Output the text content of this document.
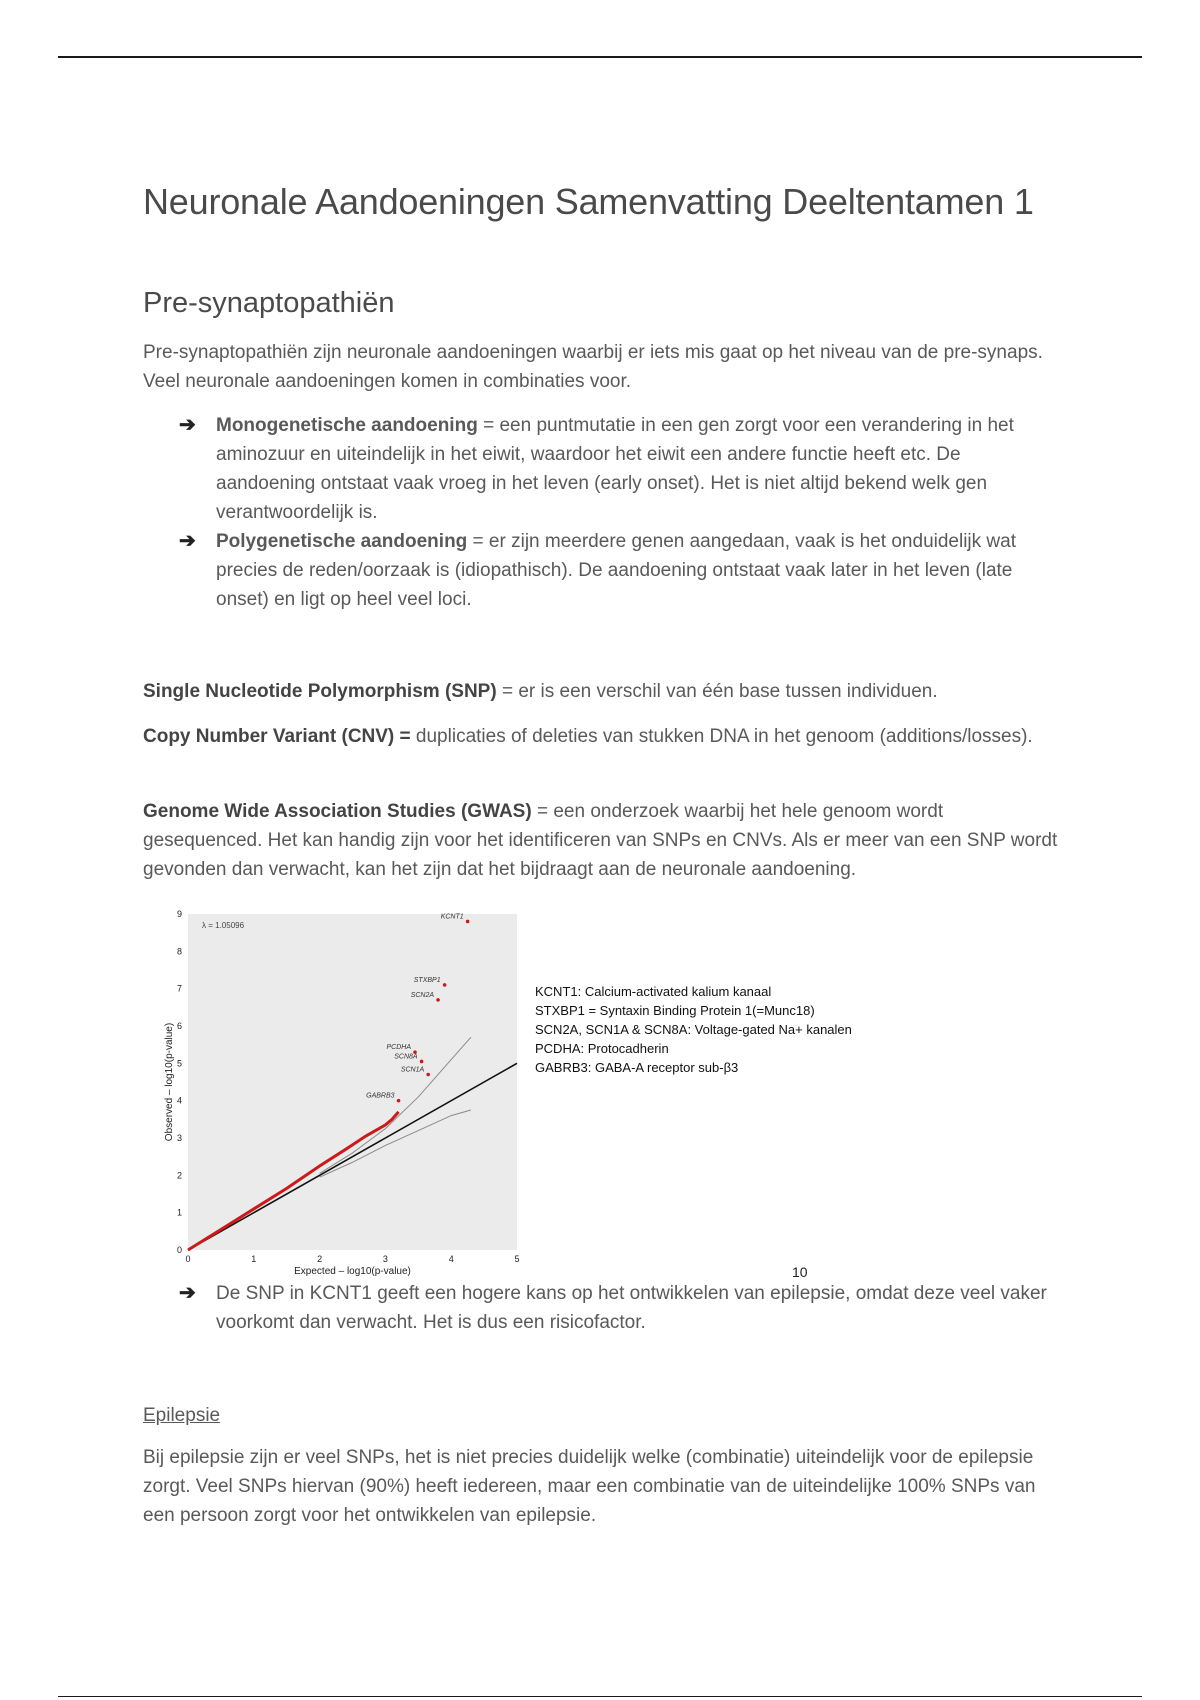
Neuronale Aandoeningen Samenvatting Deeltentamen 1
Pre-synaptopathiën
Pre-synaptopathiën zijn neuronale aandoeningen waarbij er iets mis gaat op het niveau van de pre-synaps. Veel neuronale aandoeningen komen in combinaties voor.
➔ Monogenetische aandoening = een puntmutatie in een gen zorgt voor een verandering in het aminozuur en uiteindelijk in het eiwit, waardoor het eiwit een andere functie heeft etc. De aandoening ontstaat vaak vroeg in het leven (early onset). Het is niet altijd bekend welk gen verantwoordelijk is.
➔ Polygenetische aandoening = er zijn meerdere genen aangedaan, vaak is het onduidelijk wat precies de reden/oorzaak is (idiopathisch). De aandoening ontstaat vaak later in het leven (late onset) en ligt op heel veel loci.
Single Nucleotide Polymorphism (SNP) = er is een verschil van één base tussen individuen.
Copy Number Variant (CNV) = duplicaties of deleties van stukken DNA in het genoom (additions/losses).
Genome Wide Association Studies (GWAS) = een onderzoek waarbij het hele genoom wordt gesequenced. Het kan handig zijn voor het identificeren van SNPs en CNVs. Als er meer van een SNP wordt gevonden dan verwacht, kan het zijn dat het bijdraagt aan de neuronale aandoening.
0	1	2	3	4	5
0
1
2
3
4
5
6
7
8
9
Expected – log10(p-value)
Observed – log10(p-value)
λ = 1.05096
KCNT1
STXBP1
SCN2A
SCN1A
PCDHA
GABRB3
SCN8A
KCNT1: Calcium-activated kalium kanaal
STXBP1 = Syntaxin Binding Protein 1(=Munc18)
SCN2A, SCN1A & SCN8A: Voltage-gated Na+ kanalen
PCDHA: Protocadherin
GABRB3: GABA-A receptor sub-β3
10
➔ De SNP in KCNT1 geeft een hogere kans op het ontwikkelen van epilepsie, omdat deze veel vaker voorkomt dan verwacht. Het is dus een risicofactor.
Epilepsie
Bij epilepsie zijn er veel SNPs, het is niet precies duidelijk welke (combinatie) uiteindelijk voor de epilepsie zorgt. Veel SNPs hiervan (90%) heeft iedereen, maar een combinatie van de uiteindelijke 100% SNPs van een persoon zorgt voor het ontwikkelen van epilepsie.
